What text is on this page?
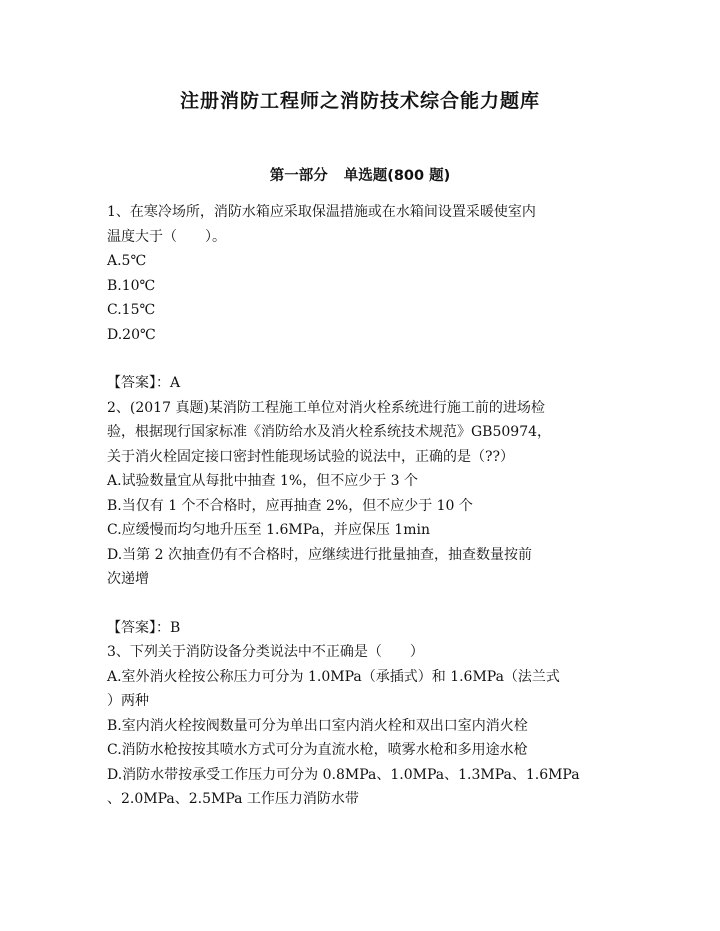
注册消防工程师之消防技术综合能力题库
第一部分 单选题(800 题)

1、在寒冷场所，消防水箱应采取保温措施或在水箱间设置采暖使室内

温度大于（　　）。

A.5℃

B.10℃

C.15℃

D.20℃

【答案】：A

2、(2017 真题)某消防工程施工单位对消火栓系统进行施工前的进场检

验，根据现行国家标准《消防给水及消火栓系统技术规范》GB50974，

关于消火栓固定接口密封性能现场试验的说法中，正确的是（??）

A.试验数量宜从每批中抽查 1%，但不应少于 3 个

B.当仅有 1 个不合格时，应再抽查 2%，但不应少于 10 个

C.应缓慢而均匀地升压至 1.6MPa，并应保压 1min

D.当第 2 次抽查仍有不合格时，应继续进行批量抽查，抽查数量按前

次递增

【答案】：B

3、下列关于消防设备分类说法中不正确是（　　）

A.室外消火栓按公称压力可分为 1.0MPa（承插式）和 1.6MPa（法兰式

）两种

B.室内消火栓按阀数量可分为单出口室内消火栓和双出口室内消火栓

C.消防水枪按按其喷水方式可分为直流水枪，喷雾水枪和多用途水枪

D.消防水带按承受工作压力可分为 0.8MPa、1.0MPa、1.3MPa、1.6MPa

、2.0MPa、2.5MPa 工作压力消防水带
